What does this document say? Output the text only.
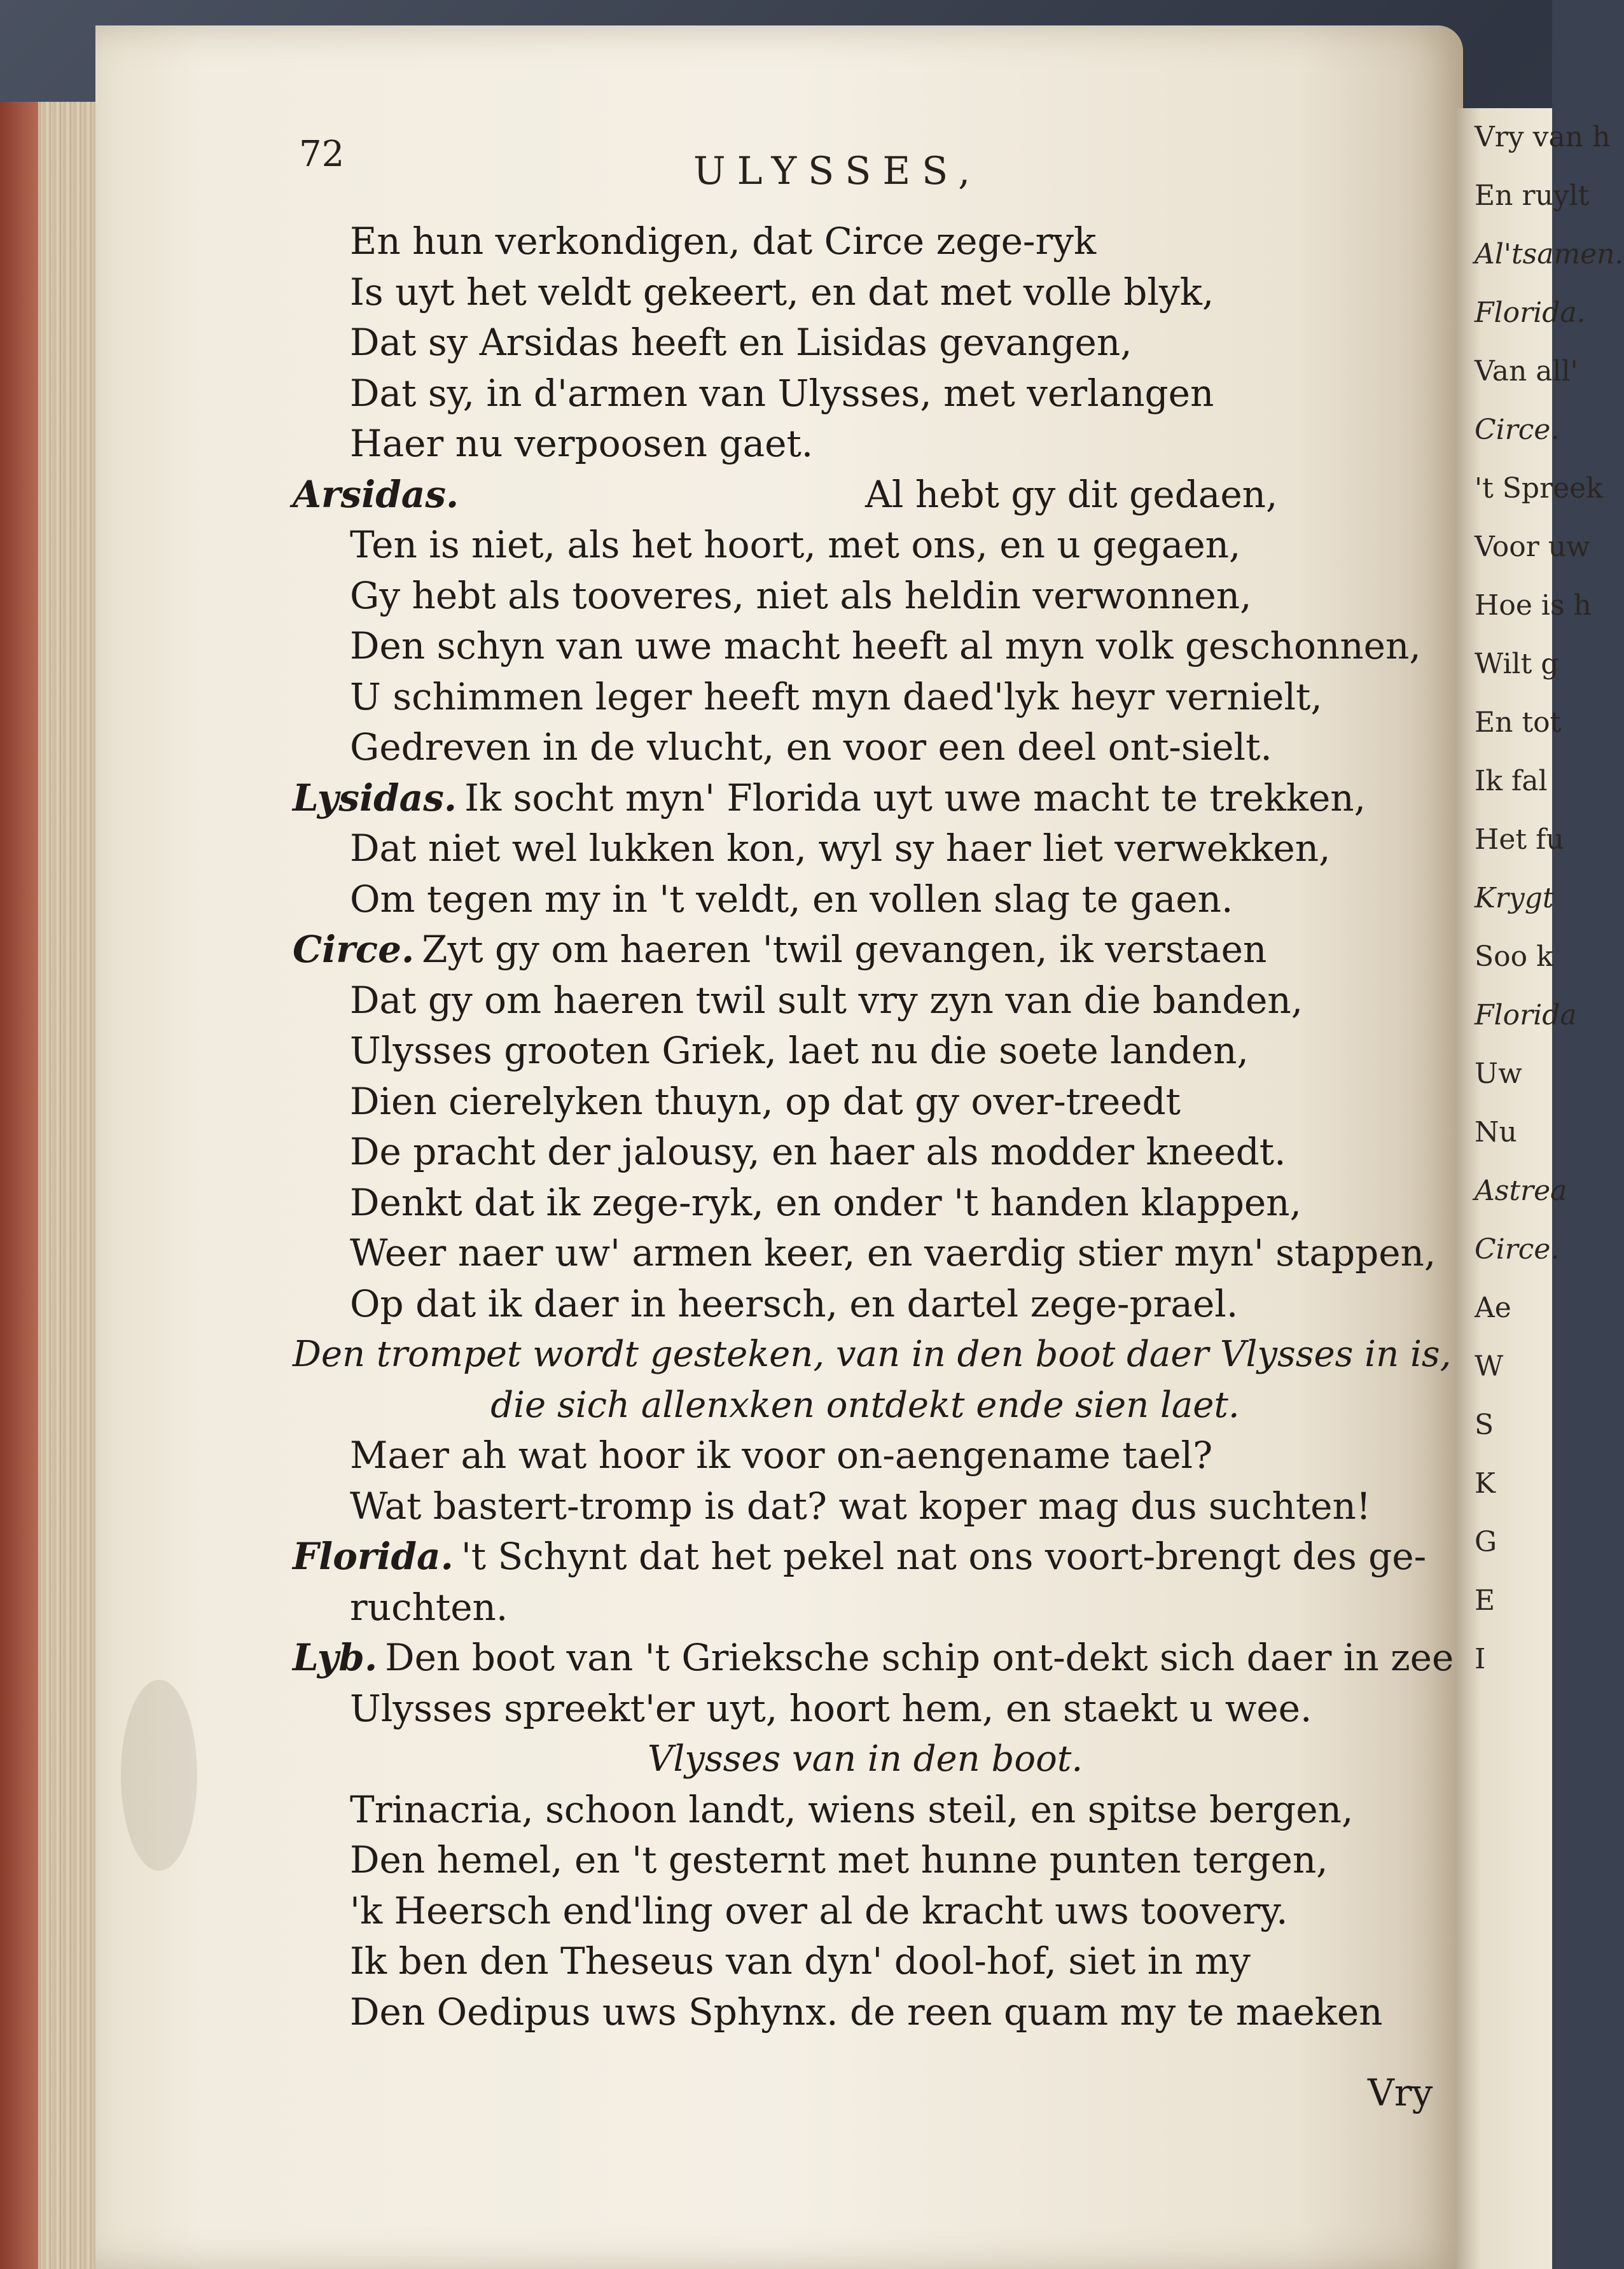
Vry van h
En ruylt
Al'tsamen.
Florida.
Van all'
Circe.
't Spreek
Voor uw
Hoe is h
Wilt g
En tot
Ik fal
Het fu
Krygt
Soo k
Florida
Uw
Nu
Astrea
Circe.
Ae
W
S
K
G
E
I
72	ULYSSES,
En hun verkondigen, dat Circe zege-ryk
Is uyt het veldt gekeert, en dat met volle blyk,
Dat sy Arsidas heeft en Lisidas gevangen,
Dat sy, in d'armen van Ulysses, met verlangen
Haer nu verpoosen gaet.
Arsidas.	Al hebt gy dit gedaen,
Ten is niet, als het hoort, met ons, en u gegaen,
Gy hebt als tooveres, niet als heldin verwonnen,
Den schyn van uwe macht heeft al myn volk geschonnen,
U schimmen leger heeft myn daed'lyk heyr vernielt,
Gedreven in de vlucht, en voor een deel ont-sielt.
Lysidas. Ik socht myn' Florida uyt uwe macht te trekken,
Dat niet wel lukken kon, wyl sy haer liet verwekken,
Om tegen my in 't veldt, en vollen slag te gaen.
Circe. Zyt gy om haeren 'twil gevangen, ik verstaen
Dat gy om haeren twil sult vry zyn van die banden,
Ulysses grooten Griek, laet nu die soete landen,
Dien cierelyken thuyn, op dat gy over-treedt
De pracht der jalousy, en haer als modder kneedt.
Denkt dat ik zege-ryk, en onder 't handen klappen,
Weer naer uw' armen keer, en vaerdig stier myn' stappen,
Op dat ik daer in heersch, en dartel zege-prael.
Den trompet wordt gesteken, van in den boot daer Vlysses in is,
die sich allenxken ontdekt ende sien laet.
Maer ah wat hoor ik voor on-aengename tael?
Wat bastert-tromp is dat? wat koper mag dus suchten!
Florida. 't Schynt dat het pekel nat ons voort-brengt des ge-
ruchten.
Lyb. Den boot van 't Griekschе schip ont-dekt sich daer in zee
Ulysses spreekt'er uyt, hoort hem, en staekt u wee.
Vlysses van in den boot.
Trinacria, schoon landt, wiens steil, en spitse bergen,
Den hemel, en 't gesternt met hunne punten tergen,
'k Heersch end'ling over al de kracht uws toovery.
Ik ben den Theseus van dyn' dool-hof, siet in my
Den Oedipus uws Sphynx. de reen quam my te maeken
Vry
